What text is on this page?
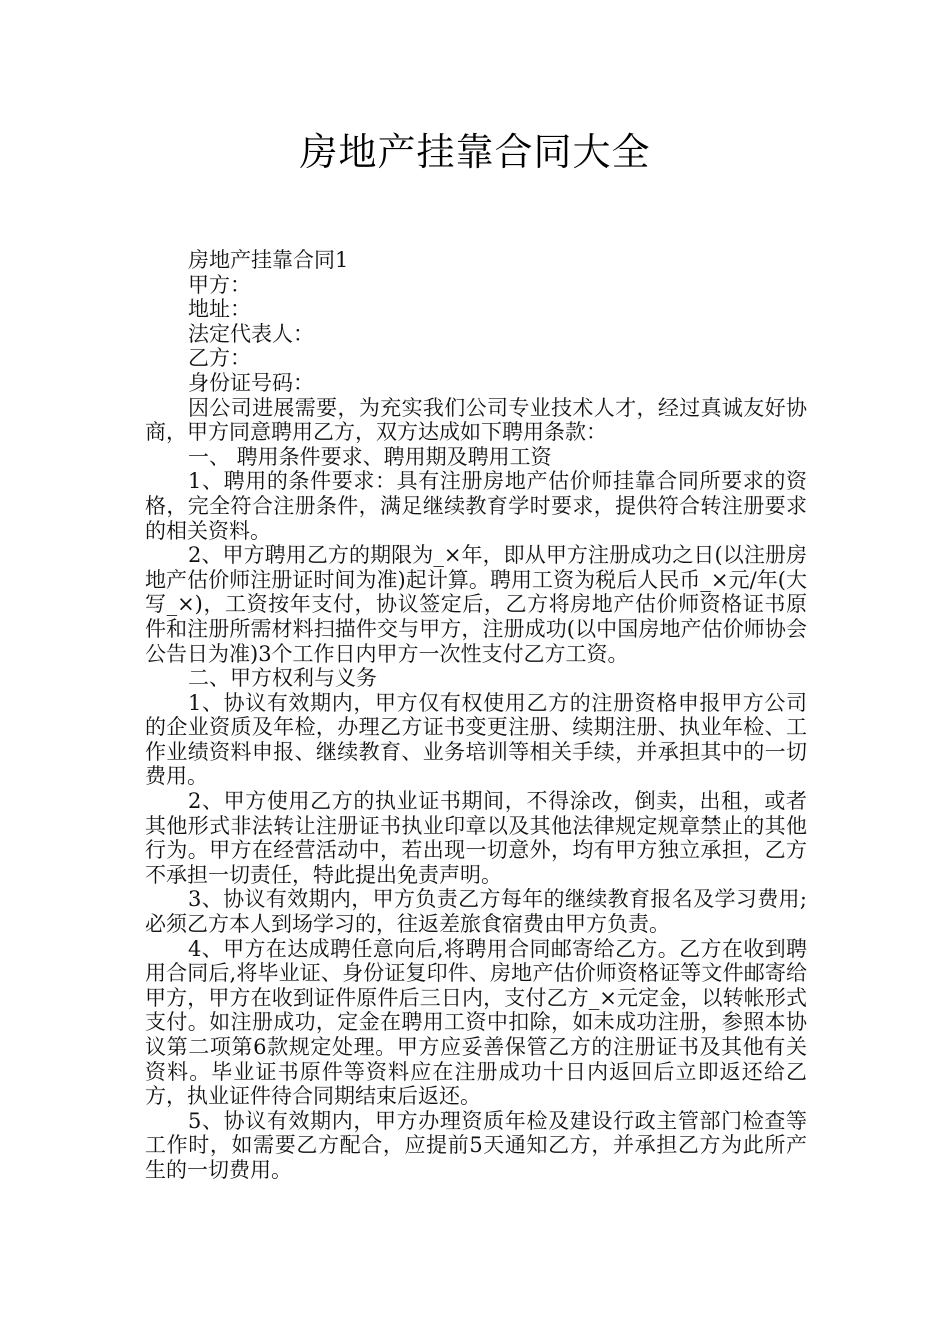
房地产挂靠合同大全

房地产挂靠合同1

甲方：

地址：

法定代表人：

乙方：

身份证号码：

因公司进展需要，为充实我们公司专业技术人才，经过真诚友好协商，甲方同意聘用乙方，双方达成如下聘用条款：

一、 聘用条件要求、聘用期及聘用工资

1、聘用的条件要求：具有注册房地产估价师挂靠合同所要求的资格，完全符合注册条件，满足继续教育学时要求，提供符合转注册要求的相关资料。

2、甲方聘用乙方的期限为_×年，即从甲方注册成功之日(以注册房地产估价师注册证时间为准)起计算。聘用工资为税后人民币_×元/年(大写_×)，工资按年支付，协议签定后，乙方将房地产估价师资格证书原件和注册所需材料扫描件交与甲方，注册成功(以中国房地产估价师协会公告日为准)3个工作日内甲方一次性支付乙方工资。

二、甲方权利与义务

1、协议有效期内，甲方仅有权使用乙方的注册资格申报甲方公司的企业资质及年检，办理乙方证书变更注册、续期注册、执业年检、工作业绩资料申报、继续教育、业务培训等相关手续，并承担其中的一切费用。

2、甲方使用乙方的执业证书期间，不得涂改，倒卖，出租，或者其他形式非法转让注册证书执业印章以及其他法律规定规章禁止的其他行为。甲方在经营活动中，若出现一切意外，均有甲方独立承担，乙方不承担一切责任，特此提出免责声明。

3、协议有效期内，甲方负责乙方每年的继续教育报名及学习费用;必须乙方本人到场学习的，往返差旅食宿费由甲方负责。

4、甲方在达成聘任意向后,将聘用合同邮寄给乙方。乙方在收到聘用合同后,将毕业证、身份证复印件、房地产估价师资格证等文件邮寄给甲方，甲方在收到证件原件后三日内，支付乙方_×元定金，以转帐形式支付。如注册成功，定金在聘用工资中扣除，如未成功注册，参照本协议第二项第6款规定处理。甲方应妥善保管乙方的注册证书及其他有关资料。毕业证书原件等资料应在注册成功十日内返回后立即返还给乙方，执业证件待合同期结束后返还。

5、协议有效期内，甲方办理资质年检及建设行政主管部门检查等工作时，如需要乙方配合，应提前5天通知乙方，并承担乙方为此所产生的一切费用。
